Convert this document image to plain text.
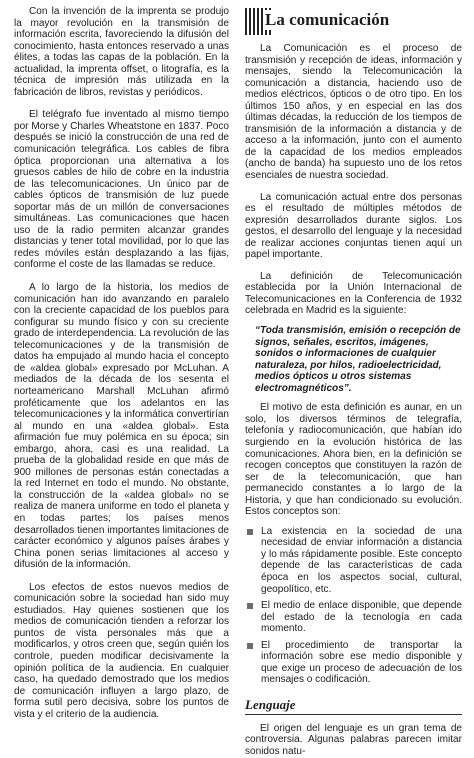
Con la invención de la imprenta se produjo la mayor revolución en la transmisión de información escrita, favoreciendo la difusión del conocimiento, hasta entonces reservado a unas élites, a todas las capas de la población. En la actualidad, la imprenta offset, o litografía, es la técnica de impresión más utilizada en la fabricación de libros, revistas y periódicos.

El telégrafo fue inventado al mismo tiempo por Morse y Charles Wheatstone en 1837. Poco después se inició la construcción de una red de comunicación telegráfica. Los cables de fibra óptica proporcionan una alternativa a los gruesos cables de hilo de cobre en la industria de las telecomunicaciones. Un único par de cables ópticos de transmisión de luz puede soportar más de un millón de conversaciones simultáneas. Las comunicaciones que hacen uso de la radio permiten alcanzar grandes distancias y tener total movilidad, por lo que las redes móviles están desplazando a las fijas, conforme el coste de las llamadas se reduce.

A lo largo de la historia, los medios de comunicación han ido avanzando en paralelo con la creciente capacidad de los pueblos para configurar su mundo físico y con su creciente grado de interdependencia. La revolución de las telecomunicaciones y de la transmisión de datos ha empujado al mundo hacia el concepto de «aldea global» expresado por McLuhan. A mediados de la década de los sesenta el norteamericano Marshall McLuhan afirmó proféticamente que los adelantos en las telecomunicaciones y la informática convertirían al mundo en una «aldea global». Esta afirmación fue muy polémica en su época; sin embargo, ahora, casi es una realidad. La prueba de la globalidad reside en que más de 900 millones de personas están conectadas a la red Internet en todo el mundo. No obstante, la construcción de la «aldea global» no se realiza de manera uniforme en todo el planeta y en todas partes; los países menos desarrollados tienen importantes limitaciones de carácter económico y algunos países árabes y China ponen serias limitaciones al acceso y difusión de la información.

Los efectos de estos nuevos medios de comunicación sobre la sociedad han sido muy estudiados. Hay quienes sostienen que los medios de comunicación tienden a reforzar los puntos de vista personales más que a modificarlos, y otros creen que, según quién los controle, pueden modificar decisivamente la opinión política de la audiencia. En cualquier caso, ha quedado demostrado que los medios de comunicación influyen a largo plazo, de forma sutil pero decisiva, sobre los puntos de vista y el criterio de la audiencia.

La comunicación

La Comunicación es el proceso de transmisión y recepción de ideas, información y mensajes, siendo la Telecomunicación la comunicación a distancia, haciendo uso de medios eléctricos, ópticos o de otro tipo. En los últimos 150 años, y en especial en las dos últimas décadas, la reducción de los tiempos de transmisión de la información a distancia y de acceso a la información, junto con el aumento de la capacidad de los medios empleados (ancho de banda) ha supuesto uno de los retos esenciales de nuestra sociedad.

La comunicación actual entre dos personas es el resultado de múltiples métodos de expresión desarrollados durante siglos. Los gestos, el desarrollo del lenguaje y la necesidad de realizar acciones conjuntas tienen aquí un papel importante.

La definición de Telecomunicación establecida por la Unión Internacional de Telecomunicaciones en la Conferencia de 1932 celebrada en Madrid es la siguiente:

“Toda transmisión, emisión o recepción de signos, señales, escritos, imágenes, sonidos o informaciones de cualquier naturaleza, por hilos, radioelectricidad, medios ópticos u otros sistemas electromagnéticos”.

El motivo de esta definición es aunar, en un solo, los diversos términos de telegrafía, telefonía y radiocomunicación, que habían ido surgiendo en la evolución histórica de las comunicaciones. Ahora bien, en la definición se recogen conceptos que constituyen la razón de ser de la telecomunicación, que han permanecido constantes a lo largo de la Historia, y que han condicionado su evolución. Estos conceptos son:

La existencia en la sociedad de una necesidad de enviar información a distancia y lo más rápidamente posible. Este concepto depende de las características de cada época en los aspectos social, cultural, geopolítico, etc.
El medio de enlace disponible, que depende del estado de la tecnología en cada momento.
El procedimiento de transportar la información sobre ese medio disponible y que exige un proceso de adecuación de los mensajes o codificación.
Lenguaje

El origen del lenguaje es un gran tema de controversia. Algunas palabras parecen imitar sonidos natu-
